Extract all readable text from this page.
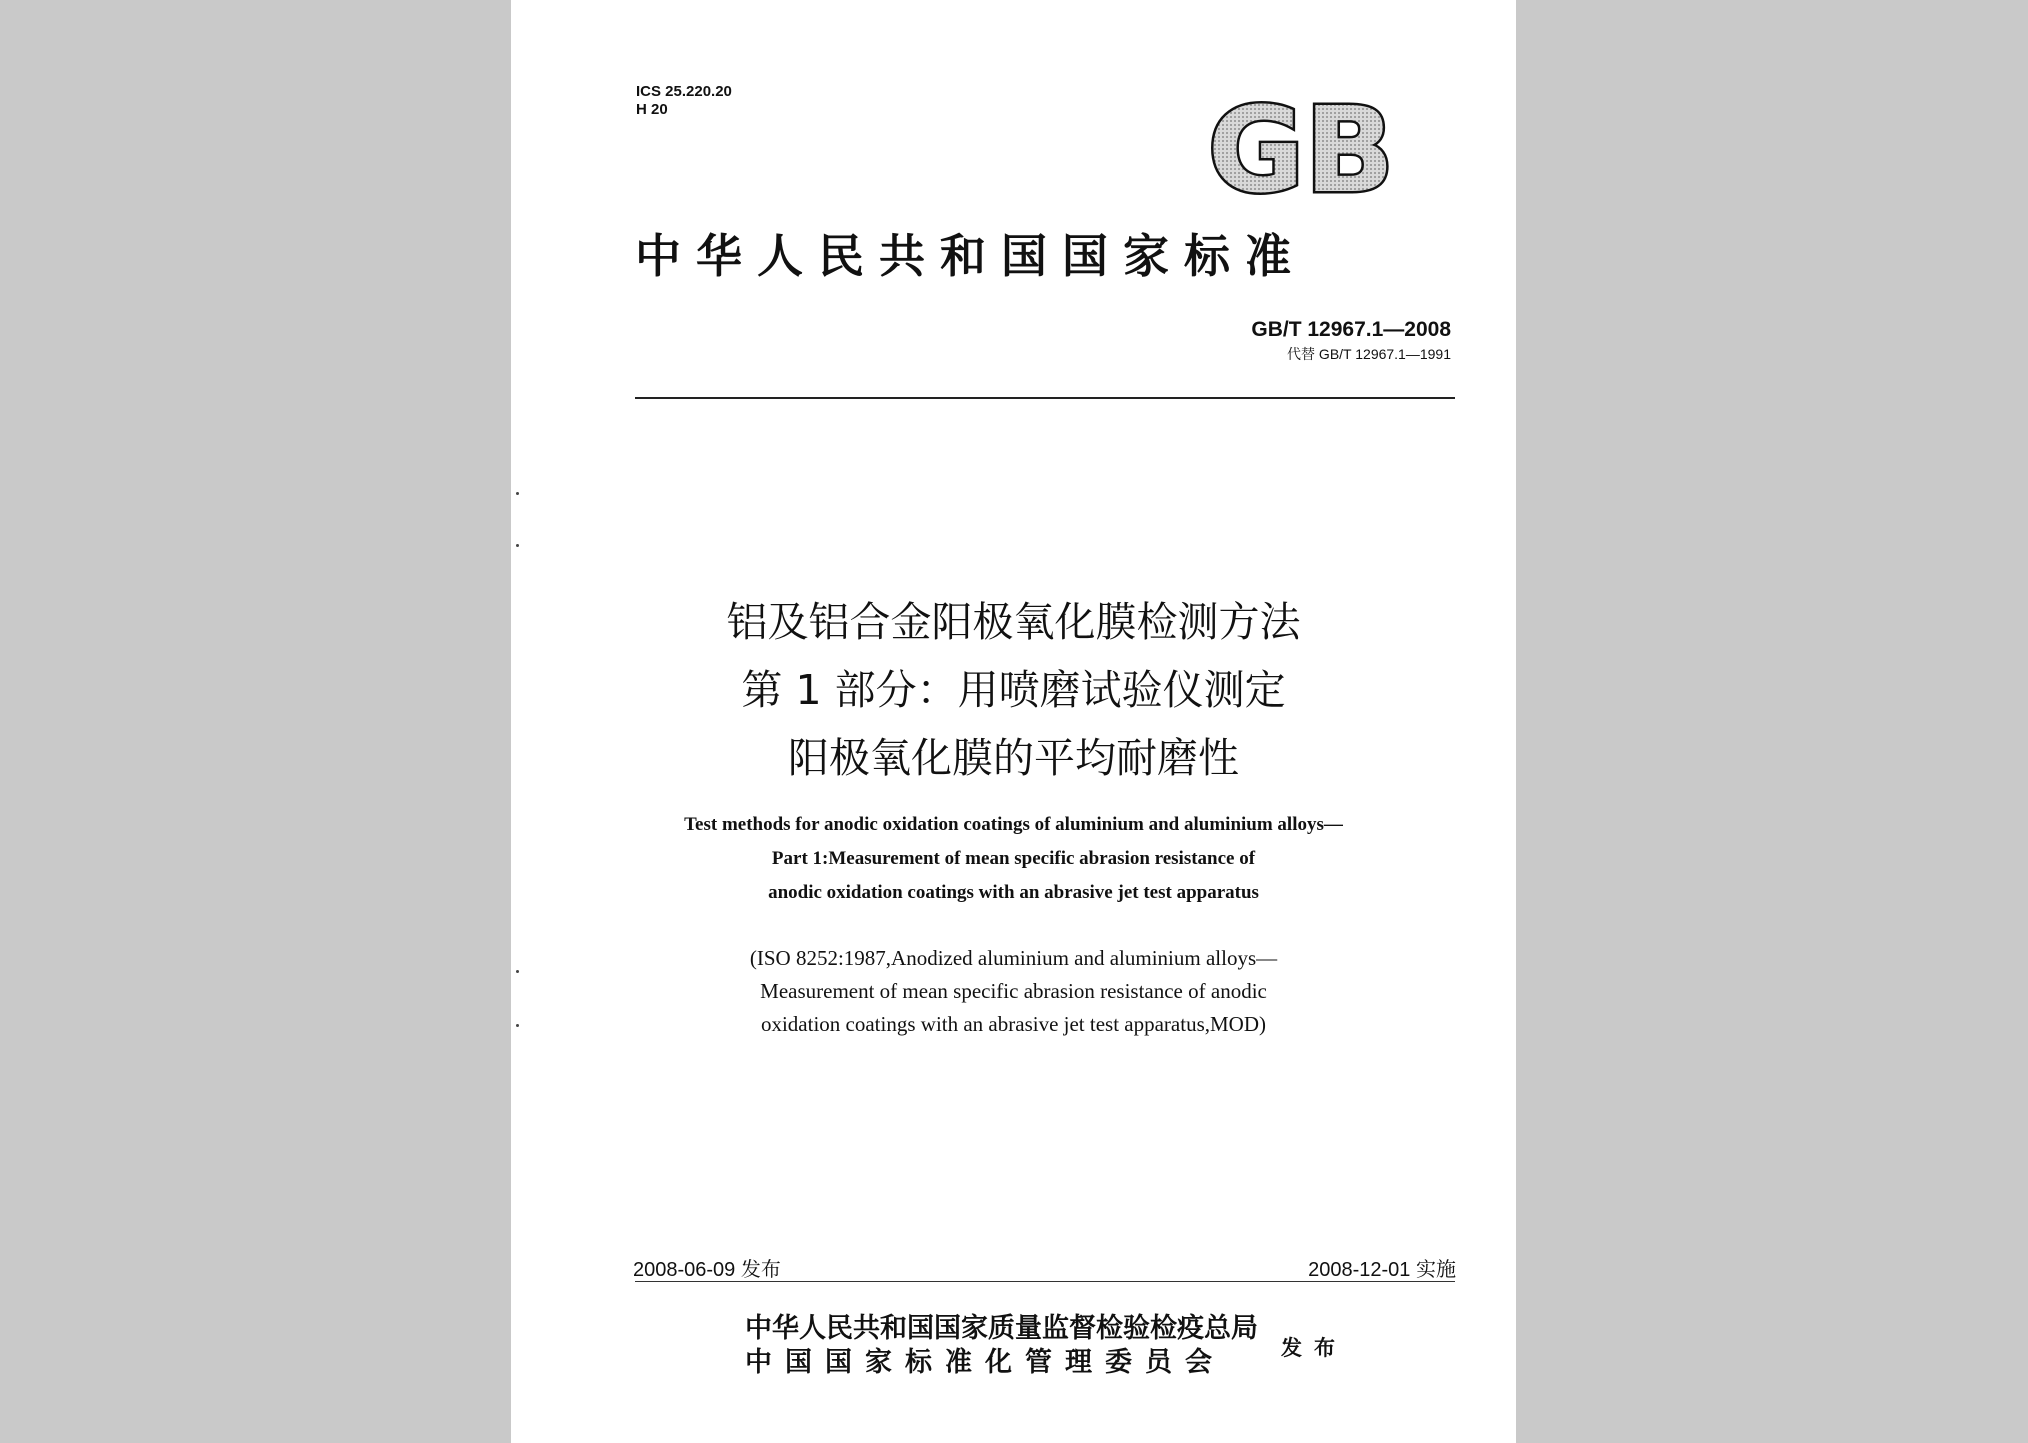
ICS 25.220.20
H 20	GB
中华人民共和国国家标准
GB/T 12967.1—2008
代替 GB/T 12967.1—1991
铝及铝合金阳极氧化膜检测方法
第 1 部分：用喷磨试验仪测定
阳极氧化膜的平均耐磨性
Test methods for anodic oxidation coatings of aluminium and aluminium alloys—
Part 1:Measurement of mean specific abrasion resistance of
anodic oxidation coatings with an abrasive jet test apparatus
(ISO 8252:1987,Anodized aluminium and aluminium alloys—
Measurement of mean specific abrasion resistance of anodic
oxidation coatings with an abrasive jet test apparatus,MOD)
2008-06-09 发布	2008-12-01 实施
中华人民共和国国家质量监督检验检疫总局
中国国家标准化管理委员会	发布
